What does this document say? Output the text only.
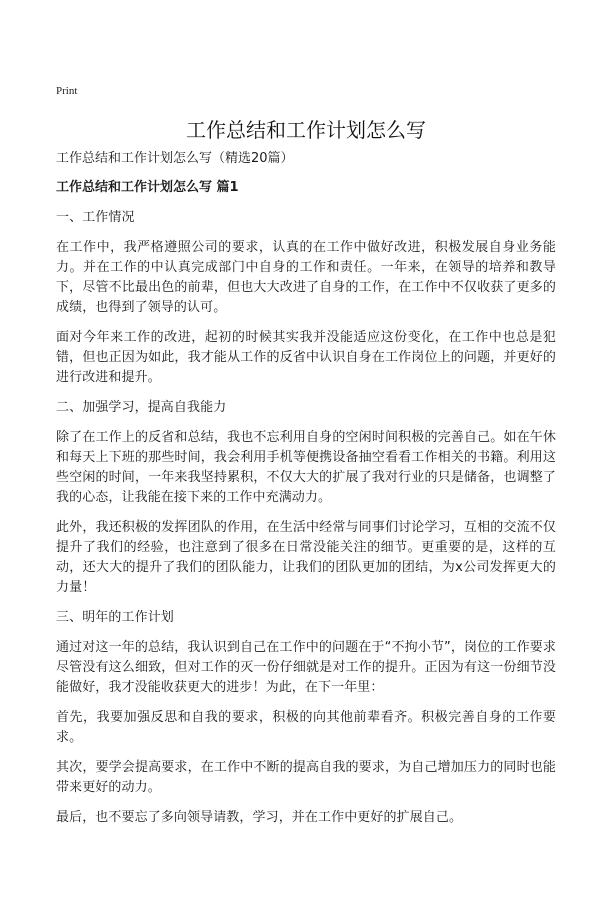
Print
工作总结和工作计划怎么写
工作总结和工作计划怎么写（精选20篇）
工作总结和工作计划怎么写 篇1
一、工作情况
在工作中，我严格遵照公司的要求，认真的在工作中做好改进，积极发展自身业务能力。并在工作的中认真完成部门中自身的工作和责任。一年来，在领导的培养和教导下，尽管不比最出色的前辈，但也大大改进了自身的工作，在工作中不仅收获了更多的成绩，也得到了领导的认可。
面对今年来工作的改进，起初的时候其实我并没能适应这份变化，在工作中也总是犯错，但也正因为如此，我才能从工作的反省中认识自身在工作岗位上的问题，并更好的进行改进和提升。
二、加强学习，提高自我能力
除了在工作上的反省和总结，我也不忘利用自身的空闲时间积极的完善自己。如在午休和每天上下班的那些时间，我会利用手机等便携设备抽空看看工作相关的书籍。利用这些空闲的时间，一年来我坚持累积，不仅大大的扩展了我对行业的只是储备，也调整了我的心态，让我能在接下来的工作中充满动力。
此外，我还积极的发挥团队的作用，在生活中经常与同事们讨论学习，互相的交流不仅提升了我们的经验，也注意到了很多在日常没能关注的细节。更重要的是，这样的互动，还大大的提升了我们的团队能力，让我们的团队更加的团结，为x公司发挥更大的力量！
三、明年的工作计划
通过对这一年的总结，我认识到自己在工作中的问题在于“不拘小节”，岗位的工作要求尽管没有这么细致，但对工作的灭一份仔细就是对工作的提升。正因为有这一份细节没能做好，我才没能收获更大的进步！为此，在下一年里：
首先，我要加强反思和自我的要求，积极的向其他前辈看齐。积极完善自身的工作要求。
其次，要学会提高要求，在工作中不断的提高自我的要求，为自己增加压力的同时也能带来更好的动力。
最后，也不要忘了多向领导请教，学习，并在工作中更好的扩展自己。
